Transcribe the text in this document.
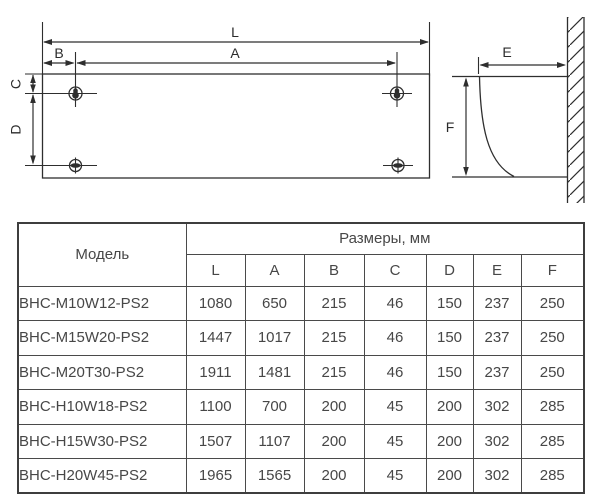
L
A
B
C
D
E
F
Модель	Размеры, мм						
	L	A	B	C	D	E	F
BHC-M10W12-PS2	1080	650	215	46	150	237	250
BHC-M15W20-PS2	1447	1017	215	46	150	237	250
BHC-M20T30-PS2	1911	1481	215	46	150	237	250
BHC-H10W18-PS2	1100	700	200	45	200	302	285
BHC-H15W30-PS2	1507	1107	200	45	200	302	285
BHC-H20W45-PS2	1965	1565	200	45	200	302	285
